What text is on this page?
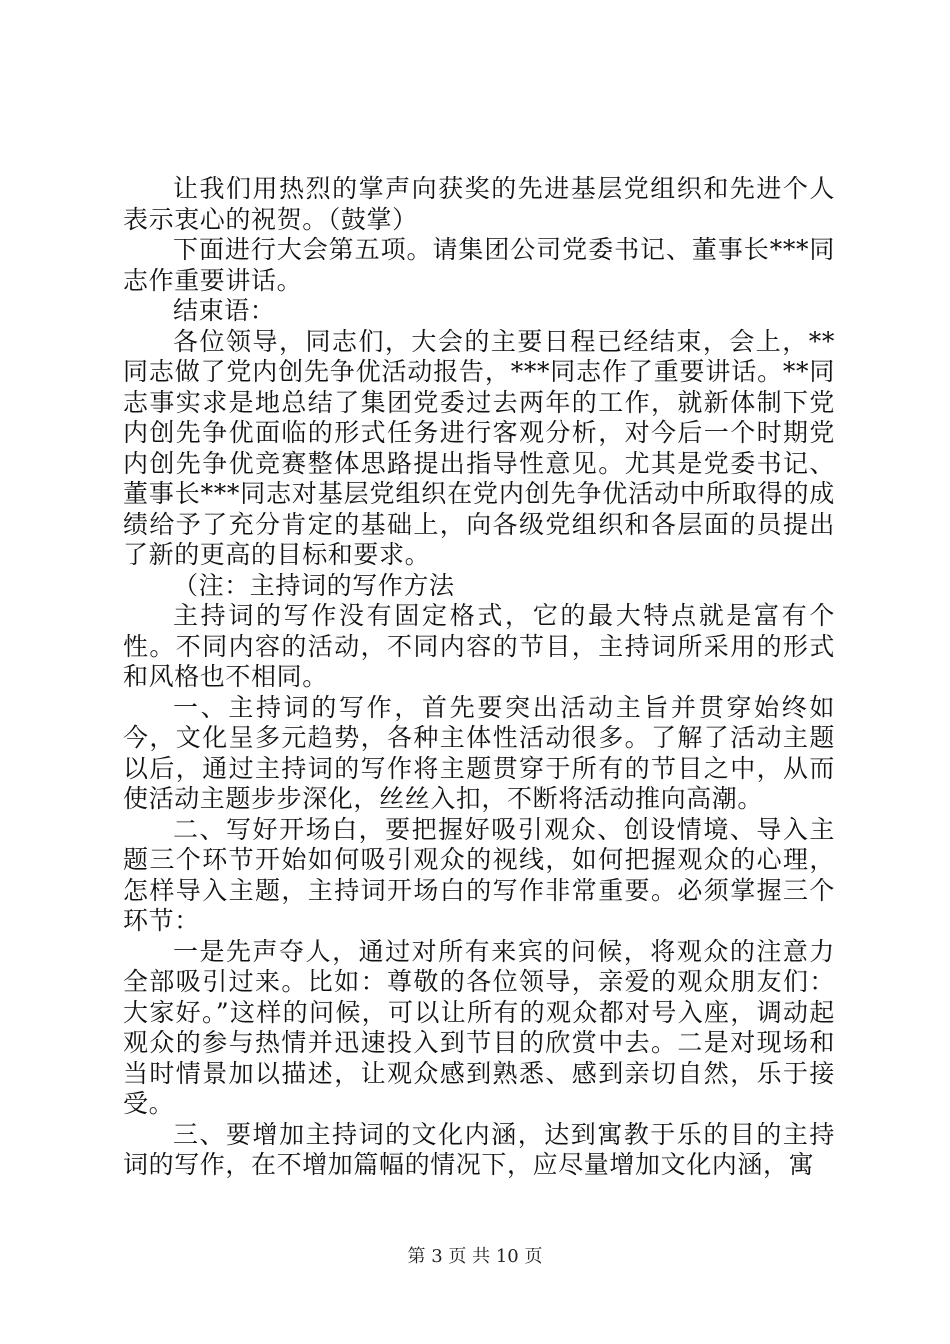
让我们用热烈的掌声向获奖的先进基层党组织和先进个人表示衷心的祝贺。（鼓掌）

下面进行大会第五项。请集团公司党委书记、董事长***同志作重要讲话。

结束语：

各位领导，同志们，大会的主要日程已经结束，会上，**同志做了党内创先争优活动报告，***同志作了重要讲话。**同志事实求是地总结了集团党委过去两年的工作，就新体制下党内创先争优面临的形式任务进行客观分析，对今后一个时期党内创先争优竞赛整体思路提出指导性意见。尤其是党委书记、董事长***同志对基层党组织在党内创先争优活动中所取得的成绩给予了充分肯定的基础上，向各级党组织和各层面的员提出了新的更高的目标和要求。

（注：主持词的写作方法

主持词的写作没有固定格式，它的最大特点就是富有个性。不同内容的活动，不同内容的节目，主持词所采用的形式和风格也不相同。

一、主持词的写作，首先要突出活动主旨并贯穿始终如今，文化呈多元趋势，各种主体性活动很多。了解了活动主题以后，通过主持词的写作将主题贯穿于所有的节目之中，从而使活动主题步步深化，丝丝入扣，不断将活动推向高潮。

二、写好开场白，要把握好吸引观众、创设情境、导入主题三个环节开始如何吸引观众的视线，如何把握观众的心理，怎样导入主题，主持词开场白的写作非常重要。必须掌握三个环节：

一是先声夺人，通过对所有来宾的问候，将观众的注意力全部吸引过来。比如：尊敬的各位领导，亲爱的观众朋友们：大家好。”这样的问候，可以让所有的观众都对号入座，调动起观众的参与热情并迅速投入到节目的欣赏中去。二是对现场和当时情景加以描述，让观众感到熟悉、感到亲切自然，乐于接受。

三、要增加主持词的文化内涵，达到寓教于乐的目的主持词的写作，在不增加篇幅的情况下，应尽量增加文化内涵，寓

第 3 页 共 10 页
